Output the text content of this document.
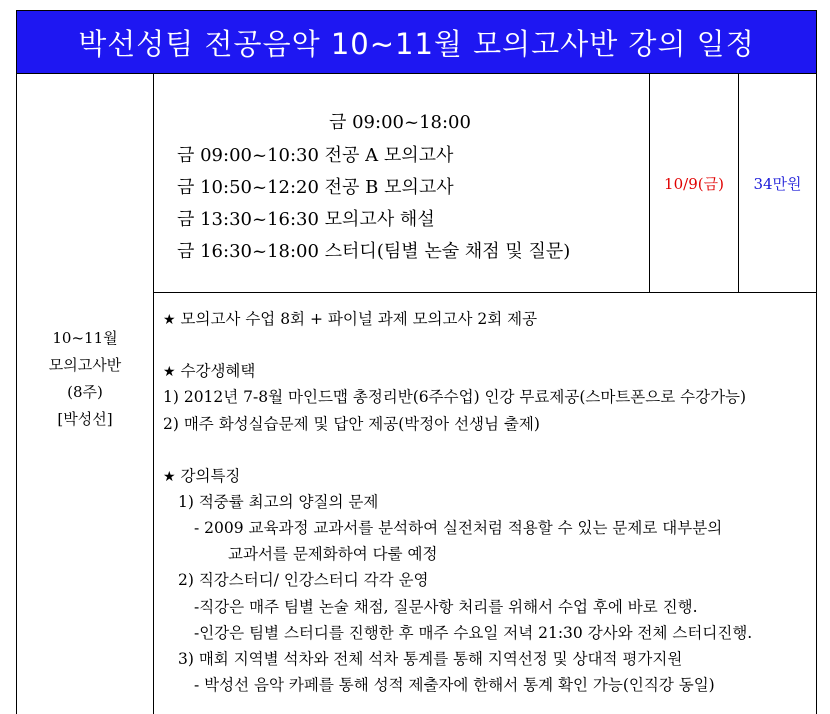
박선성팀 전공음악 10~11월 모의고사반 강의 일정
10~11월
모의고사반
(8주)
[박성선]
금 09:00~18:00
금 09:00~10:30 전공 A 모의고사
금 10:50~12:20 전공 B 모의고사
금 13:30~16:30 모의고사 해설
금 16:30~18:00 스터디(팀별 논술 채점 및 질문)
10/9(금)	34만원
★ 모의고사 수업 8회 + 파이널 과제 모의고사 2회 제공
★ 수강생혜택
1) 2012년 7-8월 마인드맵 총정리반(6주수업) 인강 무료제공(스마트폰으로 수강가능)
2) 매주 화성실습문제 및 답안 제공(박정아 선생님 출제)
★ 강의특징
1) 적중률 최고의 양질의 문제
- 2009 교육과정 교과서를 분석하여 실전처럼 적용할 수 있는 문제로 대부분의
교과서를 문제화하여 다룰 예정
2) 직강스터디/ 인강스터디 각각 운영
-직강은 매주 팀별 논술 채점, 질문사항 처리를 위해서 수업 후에 바로 진행.
-인강은 팀별 스터디를 진행한 후 매주 수요일 저녁 21:30 강사와 전체 스터디진행.
3) 매회 지역별 석차와 전체 석차 통계를 통해 지역선정 및 상대적 평가지원
- 박성선 음악 카페를 통해 성적 제출자에 한해서 통계 확인 가능(인직강 동일)
